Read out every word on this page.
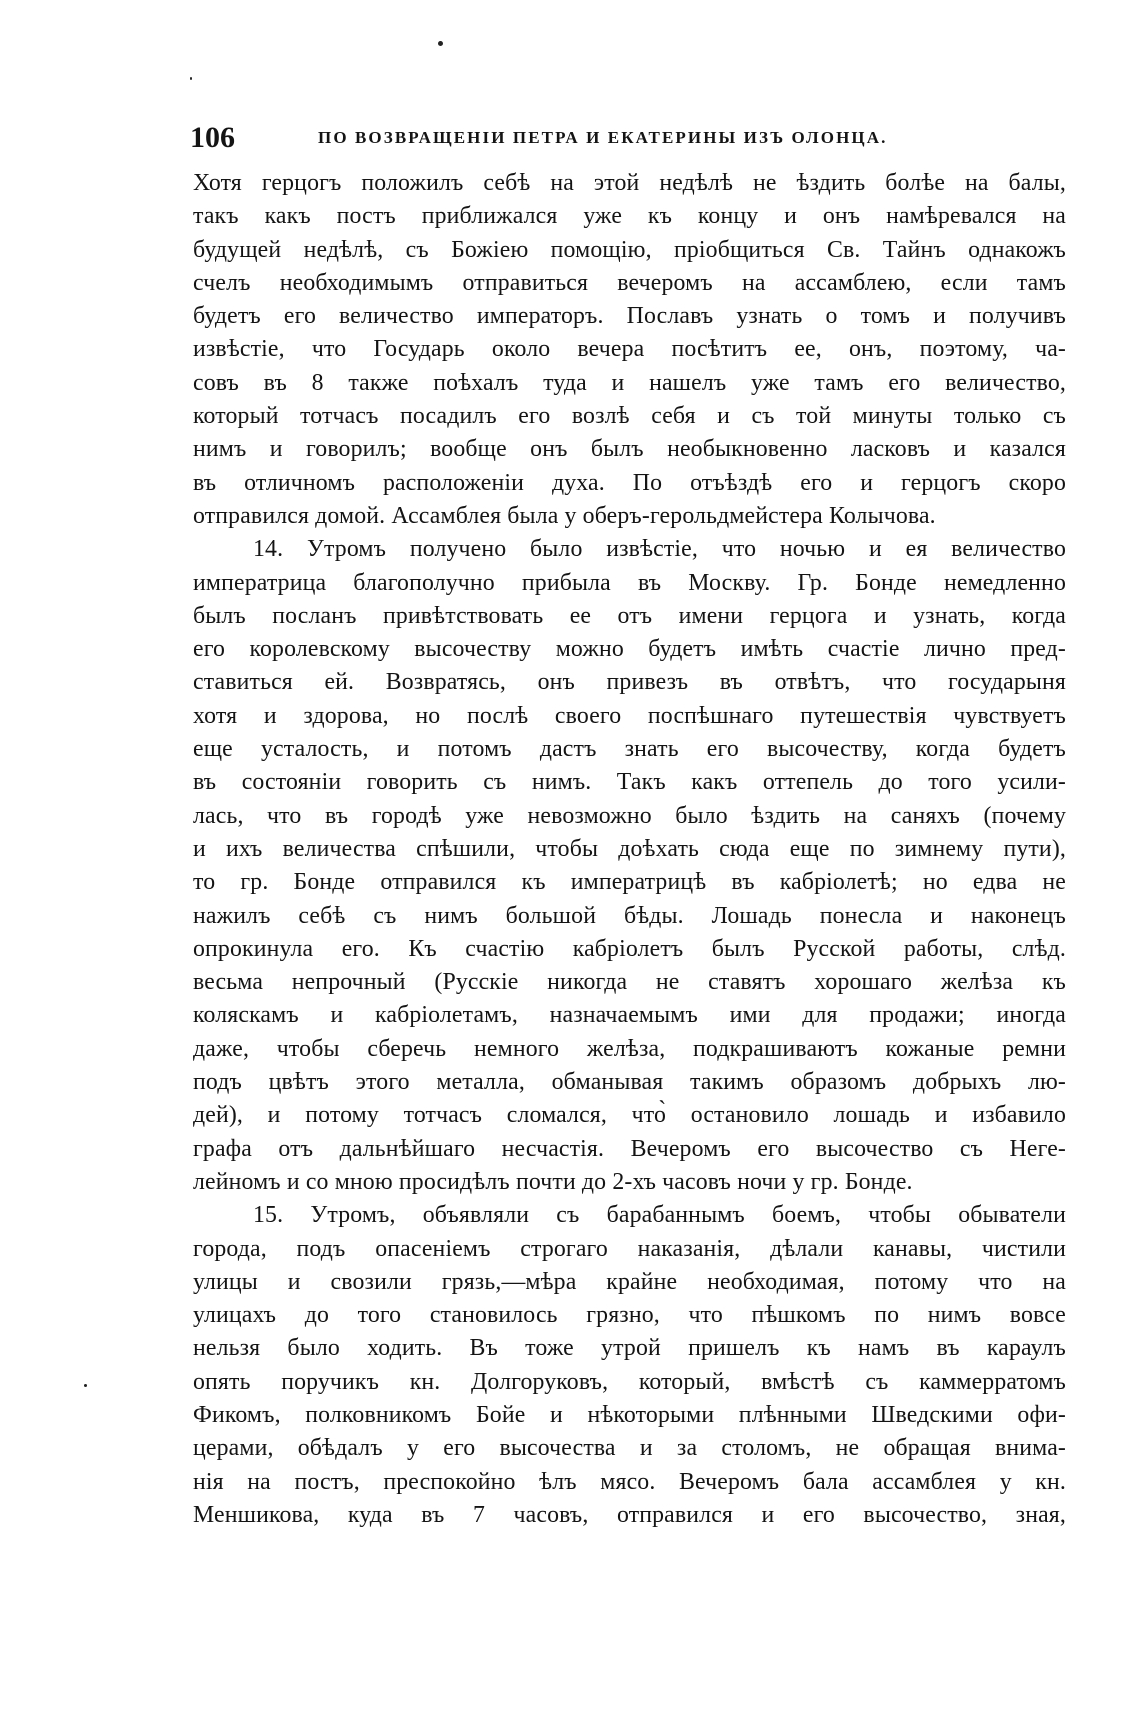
106	ПО ВОЗВРАЩЕНІИ ПЕТРА И ЕКАТЕРИНЫ ИЗЪ ОЛОНЦА.
Хотя герцогъ положилъ себѣ на этой недѣлѣ не ѣздить болѣе на балы,
такъ какъ постъ приближался уже къ концу и онъ намѣревался на
будущей недѣлѣ, съ Божіею помощію, пріобщиться Св. Тайнъ однакожъ
счелъ необходимымъ отправиться вечеромъ на ассамблею, если тамъ
будетъ его величество императоръ. Пославъ узнать о томъ и получивъ
извѣстіе, что Государь около вечера посѣтитъ ее, онъ, поэтому, ча-
совъ въ 8 также поѣхалъ туда и нашелъ уже тамъ его величество,
который тотчасъ посадилъ его возлѣ себя и съ той минуты только съ
нимъ и говорилъ; вообще онъ былъ необыкновенно ласковъ и казался
въ отличномъ расположеніи духа. По отъѣздѣ его и герцогъ скоро
отправился домой. Ассамблея была у оберъ-герольдмейстера Колычова.
14. Утромъ получено было извѣстіе, что ночью и ея величество
императрица благополучно прибыла въ Москву. Гр. Бонде немедленно
былъ посланъ привѣтствовать ее отъ имени герцога и узнать, когда
его королевскому высочеству можно будетъ имѣть счастіе лично пред-
ставиться ей. Возвратясь, онъ привезъ въ отвѣтъ, что государыня
хотя и здорова, но послѣ своего поспѣшнаго путешествія чувствуетъ
еще усталость, и потомъ дастъ знать его высочеству, когда будетъ
въ состояніи говорить съ нимъ. Такъ какъ оттепель до того усили-
лась, что въ городѣ уже невозможно было ѣздить на саняхъ (почему
и ихъ величества спѣшили, чтобы доѣхать сюда еще по зимнему пути),
то гр. Бонде отправился къ императрицѣ въ кабріолетѣ; но едва не
нажилъ себѣ съ нимъ большой бѣды. Лошадь понесла и наконецъ
опрокинула его. Къ счастію кабріолетъ былъ Русской работы, слѣд.
весьма непрочный (Русскіе никогда не ставятъ хорошаго желѣза къ
коляскамъ и кабріолетамъ, назначаемымъ ими для продажи; иногда
даже, чтобы сберечь немного желѣза, подкрашиваютъ кожаные ремни
подъ цвѣтъ этого металла, обманывая такимъ образомъ добрыхъ лю-
дей), и потому тотчасъ сломался, что̀ остановило лошадь и избавило
графа отъ дальнѣйшаго несчастія. Вечеромъ его высочество съ Неге-
лейномъ и со мною просидѣлъ почти до 2-хъ часовъ ночи у гр. Бонде.
15. Утромъ, объявляли съ барабаннымъ боемъ, чтобы обыватели
города, подъ опасеніемъ строгаго наказанія, дѣлали канавы, чистили
улицы и свозили грязь,—мѣра крайне необходимая, потому что на
улицахъ до того становилось грязно, что пѣшкомъ по нимъ вовсе
нельзя было ходить. Въ тоже утрой пришелъ къ намъ въ караулъ
опять поручикъ кн. Долгоруковъ, который, вмѣстѣ съ каммерратомъ
Фикомъ, полковникомъ Бойе и нѣкоторыми плѣнными Шведскими офи-
церами, обѣдалъ у его высочества и за столомъ, не обращая внима-
нія на постъ, преспокойно ѣлъ мясо. Вечеромъ бала ассамблея у кн.
Меншикова, куда въ 7 часовъ, отправился и его высочество, зная,
